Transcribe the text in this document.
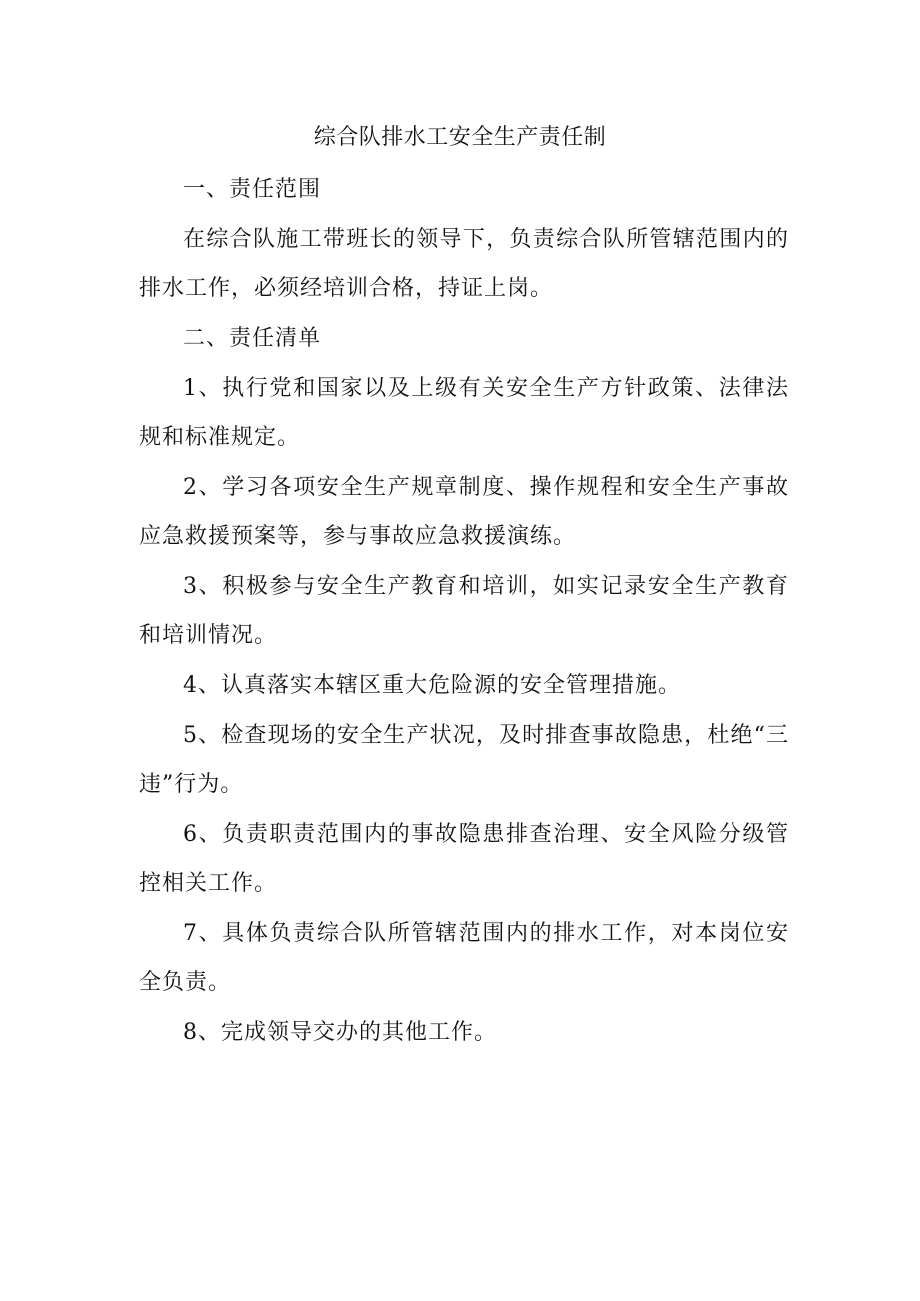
综合队排水工安全生产责任制

一、责任范围

在综合队施工带班长的领导下，负责综合队所管辖范围内的排水工作，必须经培训合格，持证上岗。

二、责任清单

1、执行党和国家以及上级有关安全生产方针政策、法律法规和标准规定。

2、学习各项安全生产规章制度、操作规程和安全生产事故应急救援预案等，参与事故应急救援演练。

3、积极参与安全生产教育和培训，如实记录安全生产教育和培训情况。

4、认真落实本辖区重大危险源的安全管理措施。

5、检查现场的安全生产状况，及时排查事故隐患，杜绝“三违”行为。

6、负责职责范围内的事故隐患排查治理、安全风险分级管控相关工作。

7、具体负责综合队所管辖范围内的排水工作，对本岗位安全负责。

8、完成领导交办的其他工作。
